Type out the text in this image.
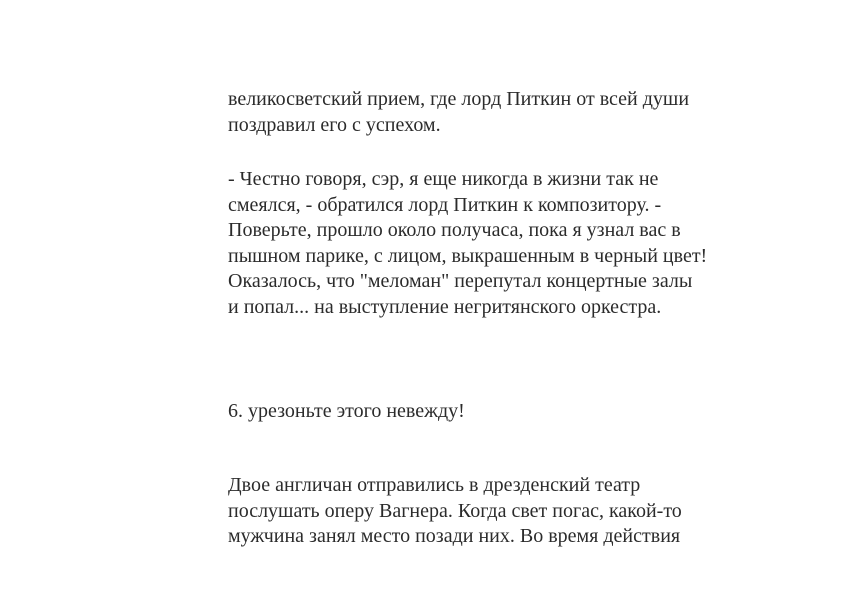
великосветский прием, где лорд Питкин от всей души
поздравил его с успехом.
- Честно говоря, сэр, я еще никогда в жизни так не
смеялся, - обратился лорд Питкин к композитору. -
Поверьте, прошло около получаса, пока я узнал вас в
пышном парике, с лицом, выкрашенным в черный цвет!
Оказалось, что "меломан" перепутал концертные залы
и попал... на выступление негритянского оркестра.
6. урезоньте этого невежду!
Двое англичан отправились в дрезденский театр
послушать оперу Вагнера. Когда свет погас, какой-то
мужчина занял место позади них. Во время действия
